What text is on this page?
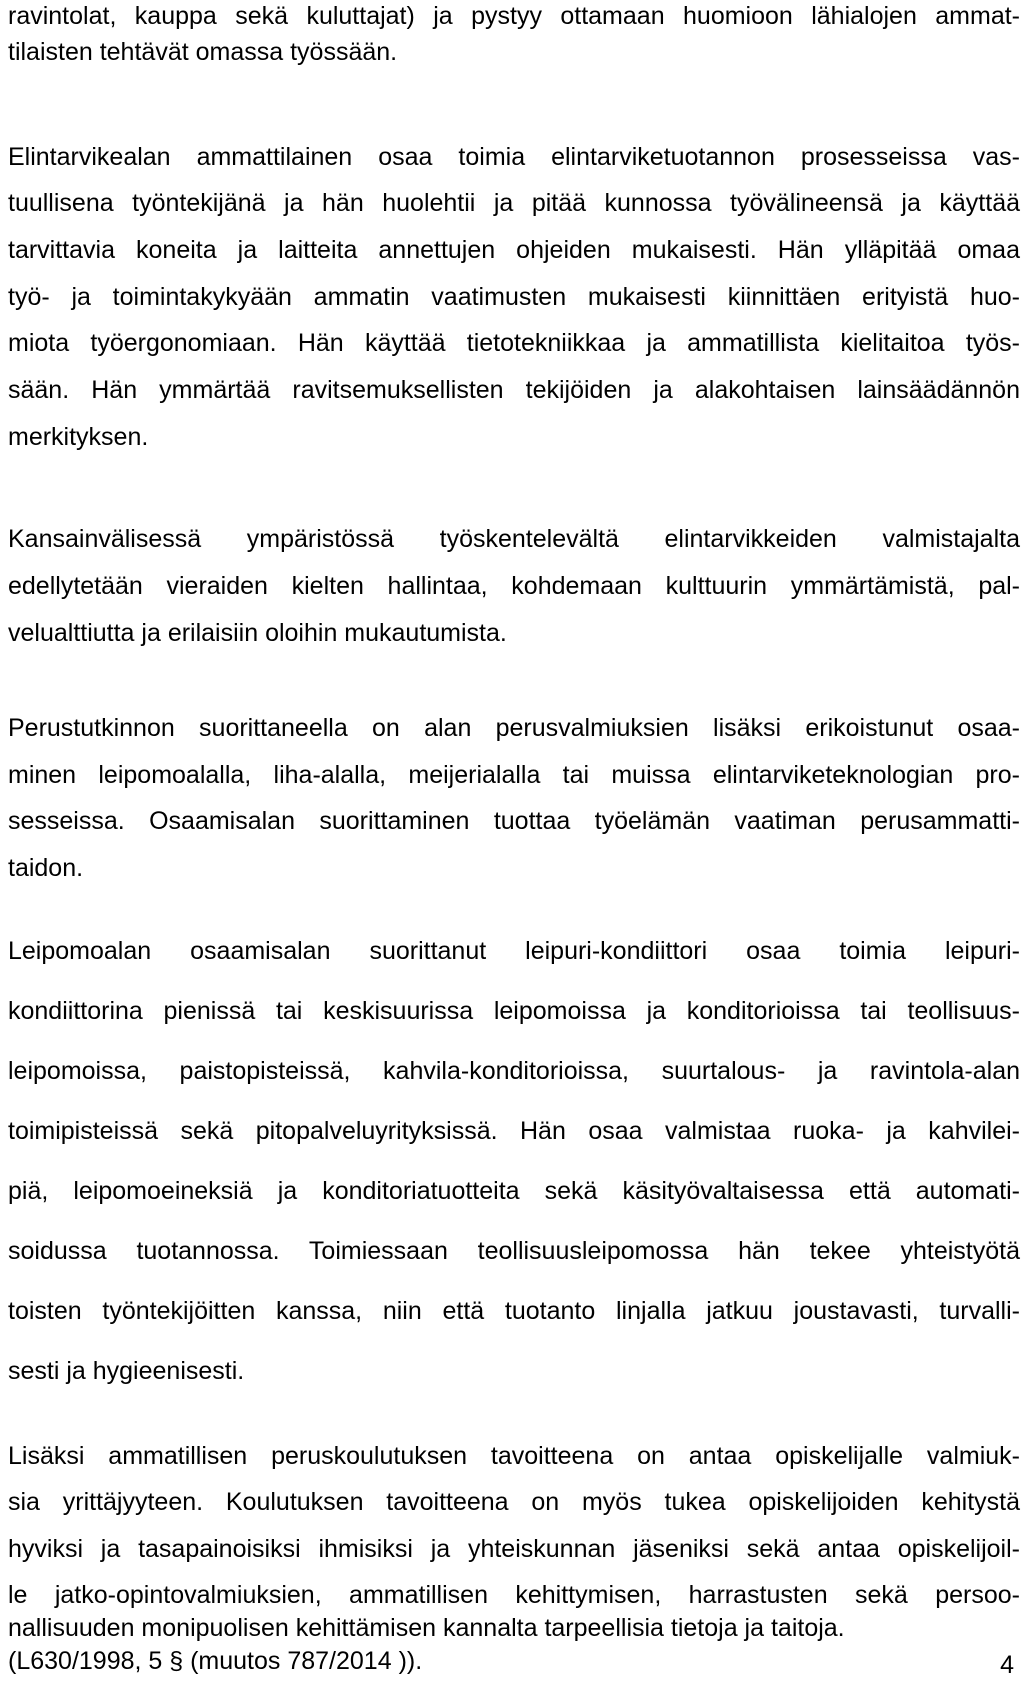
ravintolat, kauppa sekä kuluttajat) ja pystyy ottamaan huomioon lähialojen ammat-
tilaisten tehtävät omassa työssään.
Elintarvikealan ammattilainen osaa toimia elintarviketuotannon prosesseissa vas-
tuullisena työntekijänä ja hän huolehtii ja pitää kunnossa työvälineensä ja käyttää
tarvittavia koneita ja laitteita annettujen ohjeiden mukaisesti. Hän ylläpitää omaa
työ- ja toimintakykyään ammatin vaatimusten mukaisesti kiinnittäen erityistä huo-
miota työergonomiaan. Hän käyttää tietotekniikkaa ja ammatillista kielitaitoa työs-
sään. Hän ymmärtää ravitsemuksellisten tekijöiden ja alakohtaisen lainsäädännön
merkityksen.
Kansainvälisessä ympäristössä työskentelevältä elintarvikkeiden valmistajalta
edellytetään vieraiden kielten hallintaa, kohdemaan kulttuurin ymmärtämistä, pal-
velualttiutta ja erilaisiin oloihin mukautumista.
Perustutkinnon suorittaneella on alan perusvalmiuksien lisäksi erikoistunut osaa-
minen leipomoalalla, liha-alalla, meijerialalla tai muissa elintarviketeknologian pro-
sesseissa. Osaamisalan suorittaminen tuottaa työelämän vaatiman perusammatti-
taidon.
Leipomoalan osaamisalan suorittanut leipuri-kondiittori osaa toimia leipuri-
kondiittorina pienissä tai keskisuurissa leipomoissa ja konditorioissa tai teollisuus-
leipomoissa, paistopisteissä, kahvila-konditorioissa, suurtalous- ja ravintola-alan
toimipisteissä sekä pitopalveluyrityksissä. Hän osaa valmistaa ruoka- ja kahvilei-
piä, leipomoeineksiä ja konditoriatuotteita sekä käsityövaltaisessa että automati-
soidussa tuotannossa. Toimiessaan teollisuusleipomossa hän tekee yhteistyötä
toisten työntekijöitten kanssa, niin että tuotanto linjalla jatkuu joustavasti, turvalli-
sesti ja hygieenisesti.
Lisäksi ammatillisen peruskoulutuksen tavoitteena on antaa opiskelijalle valmiuk-
sia yrittäjyyteen. Koulutuksen tavoitteena on myös tukea opiskelijoiden kehitystä
hyviksi ja tasapainoisiksi ihmisiksi ja yhteiskunnan jäseniksi sekä antaa opiskelijoil-
le jatko-opintovalmiuksien, ammatillisen kehittymisen, harrastusten sekä persoo-
nallisuuden monipuolisen kehittämisen kannalta tarpeellisia tietoja ja taitoja.
(L630/1998, 5 § (muutos 787/2014 )).	4
